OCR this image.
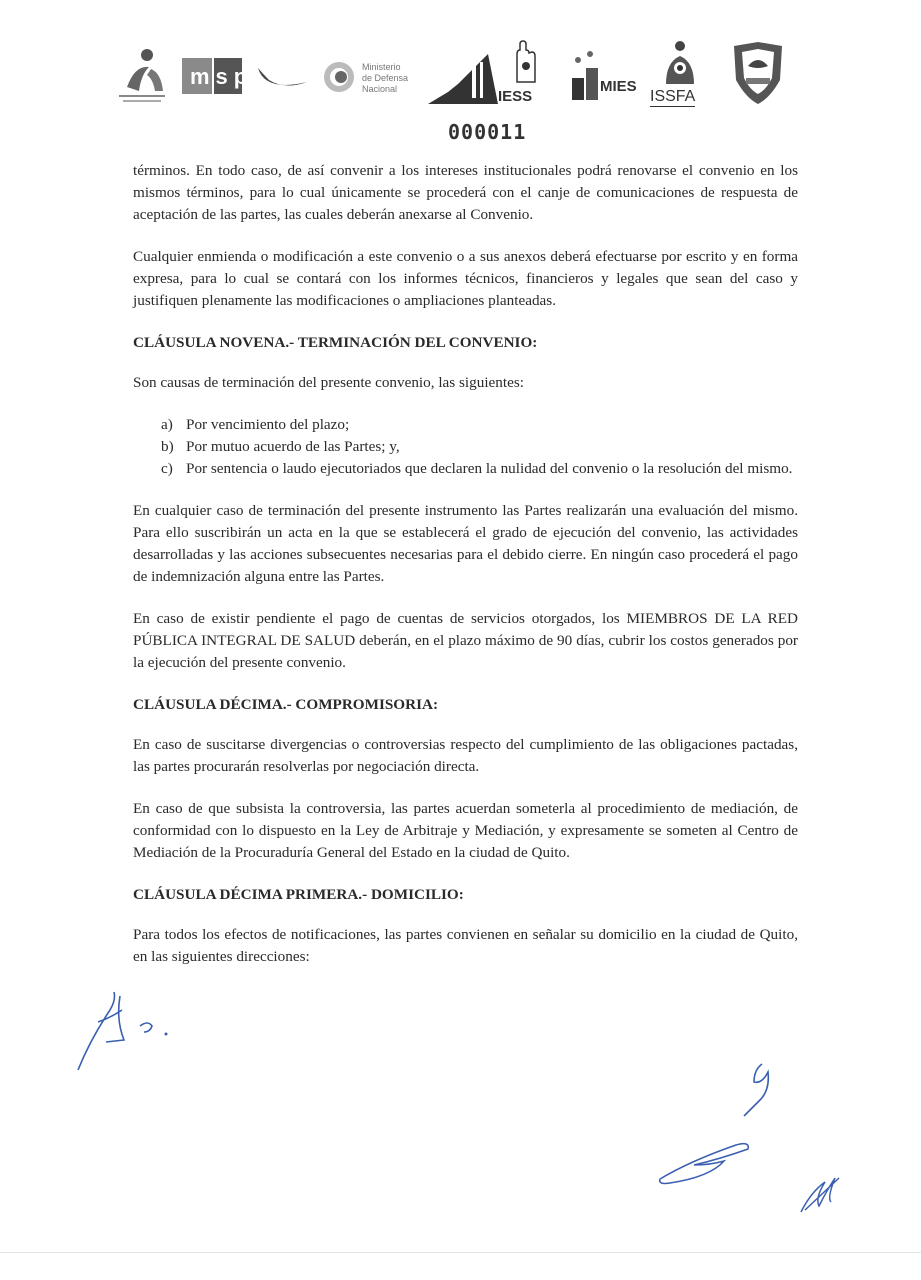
msp	Ministerio
de Defensa
Nacional	IESS
MIES
ISSFA
000011

términos. En todo caso, de así convenir a los intereses institucionales podrá renovarse el convenio en los mismos términos, para lo cual únicamente se procederá con el canje de comunicaciones de respuesta de aceptación de las partes, las cuales deberán anexarse al Convenio.

Cualquier enmienda o modificación a este convenio o a sus anexos deberá efectuarse por escrito y en forma expresa, para lo cual se contará con los informes técnicos, financieros y legales que sean del caso y justifiquen plenamente las modificaciones o ampliaciones planteadas.

CLÁUSULA NOVENA.- TERMINACIÓN DEL CONVENIO:

Son causas de terminación del presente convenio, las siguientes:

a) Por vencimiento del plazo;
b) Por mutuo acuerdo de las Partes; y,
c) Por sentencia o laudo ejecutoriados que declaren la nulidad del convenio o la resolución del mismo.

En cualquier caso de terminación del presente instrumento las Partes realizarán una evaluación del mismo. Para ello suscribirán un acta en la que se establecerá el grado de ejecución del convenio, las actividades desarrolladas y las acciones subsecuentes necesarias para el debido cierre. En ningún caso procederá el pago de indemnización alguna entre las Partes.

En caso de existir pendiente el pago de cuentas de servicios otorgados, los MIEMBROS DE LA RED PÚBLICA INTEGRAL DE SALUD deberán, en el plazo máximo de 90 días, cubrir los costos generados por la ejecución del presente convenio.

CLÁUSULA DÉCIMA.- COMPROMISORIA:

En caso de suscitarse divergencias o controversias respecto del cumplimiento de las obligaciones pactadas, las partes procurarán resolverlas por negociación directa.

En caso de que subsista la controversia, las partes acuerdan someterla al procedimiento de mediación, de conformidad con lo dispuesto en la Ley de Arbitraje y Mediación, y expresamente se someten al Centro de Mediación de la Procuraduría General del Estado en la ciudad de Quito.

CLÁUSULA DÉCIMA PRIMERA.- DOMICILIO:

Para todos los efectos de notificaciones, las partes convienen en señalar su domicilio en la ciudad de Quito, en las siguientes direcciones:
